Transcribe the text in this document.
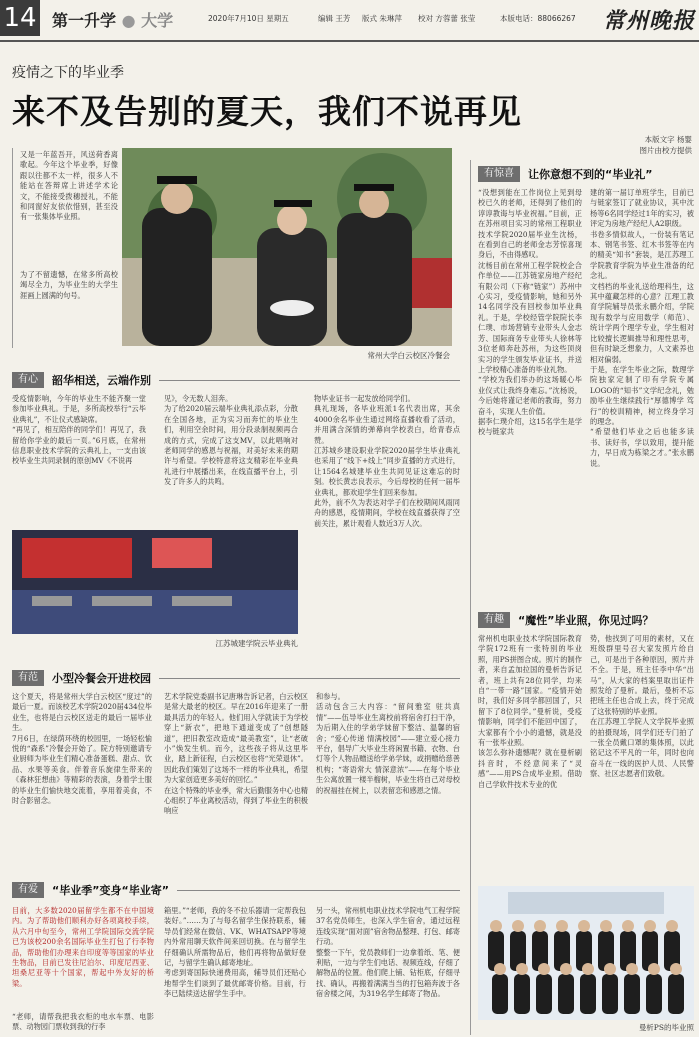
14 第一升学 ● 大学	2020年7月10日 星期五	编辑 王芳 版式 朱琳萍 校对 方蓉蕾 张莹	本版电话：88066267 常州晚报
疫情之下的毕业季
来不及告别的夏天，我们不说再见
本版文字 杨婴
图片由校方提供
又是一年蓝吾开，风送荷香离歌起。今年这个毕业季，好像跟以往都不太一样，很多人不能站在答辩席上讲述学术论文，不能接受拨穗授礼，不能和同窗好友依依惜别，甚至没有一张集体毕业照。
为了不留遗憾，在常多所高校竭尽全力，为毕业生的大学生涯画上圆满的句号。
常州大学白云校区冷餐会
有心	韶华相送，云端作别
受疫情影响，今年的毕业生不能齐聚一堂参加毕业典礼。于是，多所高校举行“云毕业典礼”，不让仪式感缺席。
“再见了，相互陪伴的同学们！再见了，我留给你学业的最后一页。”6月底，在常州信息职业技术学院的云典礼上，一支由该校毕业生共同录制的原创MV《不说再
见》，令无数人泪奔。
为了给2020届云端毕业典礼添点彩，分散在全国各地，正为实习而奔忙的毕业生们，利用空余时间，用分段录制视频再合成的方式，完成了这支MV，以此唱响对老师同学的感恩与祝福，对美好未来的期许与希望。学校特意将这支精彩在毕业典礼进行中展播出来，在线直播平台上，引发了许多人的共鸣。
物毕业证书一起发放给同学们。
典礼现场，各毕业班派1名代表出席，其余4000余名毕业生通过网络直播收看了活动，并用满含深情的弹幕向学校表白，给青春点赞。
江苏城乡建设职业学院2020届学生毕业典礼也采用了“线下+线上”同步直播的方式进行，让1564名城建毕业生共同见证这难忘的时刻。校长黄志良表示，今后母校的任何一届毕业典礼，都欢迎学生们回来参加。
此外，前不久为表达对学子们在校期间风雨同舟的感恩，疫情期间，学校在线直播获得了空前关注，累计观看人数近3万人次。
江苏城建学院云毕业典礼
有范	小型冷餐会开进校园
这个夏天，将是常州大学白云校区“度过”的最后一夏。而该校艺术学院2020届434位毕业生，也将是白云校区送走的最后一届毕业生。
7月6日，在绿荫环绕的校园里，一场轻松愉悦的“森系”冷餐会开始了。院方特别邀请专业厨师为毕业生们精心准备蛋糕、甜点、饮品、水果等美食。伴着音乐旋律生带来的《森林狂想曲》等精彩的表演，身着学士服的毕业生们愉快地交流着，享用着美食，不时合影留念。
艺术学院党委副书记唐琳告诉记者，白云校区是常大最老的校区。早在2016年迎来了一册最具活力的年轻人。他们用入学就读于为学校穿上“新衣”，把地下通道变成了“创想隧道”，把旧教室改造成“最美教室”，让“老破小”焕发生机。而今，这些孩子将从这里毕业，踏上新征程，白云校区也将“光荣退休”。因此我们策划了这场不一样的毕业典礼，希望为大家创造更多美好的回忆。”
在这个特殊的毕业季，常大后勤服务中心也精心组织了毕业离校活动，得到了毕业生的积极响应
和参与。
活动包含三大内容：“留间雅室 驻共真情”——伍导毕业生离校前将宿舍打扫干净，为后期入住的学弟学妹留下整洁、温馨的宿舍；“爱心传递 情满校园”——建立爱心接力平台，倡导广大毕业生将闲置书籍、衣物、台灯等个人物品赠送给学弟学妹，或捐赠给慈善机构；“寄语常大 情深意浓”——在每个毕业生公寓放置一楼半榴树，毕业生将自己对母校的祝福挂在树上，以表留恋和感恩之情。
有爱	“毕业季”变身“毕业寄”
目前，大多数2020届留学生都不在中国境内。为了帮助他们顺利办好各项离校手续，从六月中旬至今，常州工学院国际交流学院已为该校200余名国际毕业生打包了行李物品，帮助他们办理来自印度等等国家的毕业生物品，目前已发往尼泊尔、印度尼西亚、坦桑尼亚等十个国家，帮起中外友好的桥梁。
“老师，请帮我把我衣柜的电水车票、电影票、动物园门票收到我的行李
箱里。”“老师，我的冬不拉乐器请一定帮我包装好。”……为了与每名留学生保持联系，辅导员们经常在微信、VK、WHATSAPP等境内外常用聊天软件间来回切换。在与留学生仔细确认所需物品后，他们再将物品做好登记，与留学生确认邮寄地址。
考虑到寄国际快递费用高，辅导员们还贴心地帮学生们谈到了最优邮寄价格。目前，行李已陆续送达留学生手中。
另一头，常州机电职业技术学院电气工程学院37名党员师生，也深入学生宿舍，通过远程连线实现“面对面”宿舍物品整理、打包、邮寄行动。
整整一下午，党员教师们一边拿着纸、笔、便利贴，一边与学生们电话、视频连线，仔细了解物品的位置。他们爬上铺、钻柜底，仔细寻找、确认，再搬着满满当当的打包箱奔波于各宿舍楼之间，为319名学生邮寄了物品。
有惊喜	让你意想不到的“毕业礼”
“没想到能在工作岗位上见到母校已久的老师，还得到了他们的谆谆教诲与毕业祝福。”目前，正在苏州项目实习的常州工程职业技术学院2020届毕业生沈杨，在看到自己的老师金志芳惊喜现身后，不由得感叹。
沈杨目前在常州工程学院校企合作单位——江苏链家房地产经纪有限公司（下称“链家”）苏州中心实习，受疫情影响，她和另外14名同学没有回校参加毕业典礼。于是，学校经管学院院长李仁璞、市场营销专业带头人金志芳、国际商务专业带头人徐林等3位老师奔赴苏州，为这些顶岗实习的学生颁发毕业证书，并送上学校精心准备的毕业礼物。
“学校为我们举办的这场暖心毕业仪式让我终身难忘。”沈杨说，今后她将谨记老师的教诲，努力奋斗，实现人生价值。
据李仁璞介绍，这15名学生是学校与链家共
建的第一届订单班学生，目前已与链家签订了就业协议，其中沈杨等6名同学经过1年的实习，被评定为房地产经纪人A2职级。
书卷多情似故人，一份装有笔记本、钢笔书签、红木书签等在内的精美“知书”套装，是江苏理工学院教育学院为毕业生准备的纪念礼。
文档档的毕业礼送给理科生，这其中蕴藏怎样的心意？江理工教育学院辅导员张永鹏介绍，学院现有数学与应用数学（师范）、统计学两个理学专业，学生相对比较擅长逻辑推导和理性思考，但有时缺乏想象力，人文素养也相对偏弱。
于是，在学生毕业之际，数理学院独家定制了印有学院专属LOGO的“知书”文学纪念礼，勉励毕业生继续践行“厚德博学 笃行”的校训精神，树立终身学习的理念。
“希望他们毕业之后也能多读书、读好书，学以致用，提升能力，早日成为栋梁之才。”张永鹏说。
有趣	“魔性”毕业照，你见过吗？
常州机电职业技术学院国际教育学院172班有一张特别的毕业照，用PS拼图合成。照片的制作者，来自孟加拉国的曼析告诉记者，班上共有28位同学，均来自“一带一路”国家。“疫情开始时，我们好多同学都回国了，只留下了8位同学。”曼析说，受疫情影响，同学们不能回中国了，大家都有个小小的遗憾，就是没有一张毕业照。
该怎么弥补遗憾呢？就在曼析刷抖音时，不经意间来了“灵感”——用PS合成毕业照。借助自己学软件技术专业的优
势，他找到了可用的素材，又在班级群里号召大家发照片给自己，可是出于各种原因，照片并不全。于是，班主任李中华“出马”，从大家的档案里取出证件照发给了曼析。最后，曼析不忘把班主任也合成上去，终于完成了这张特别的毕业照。
在江苏理工学院人文学院毕业照的拍摄现场，同学们还专门拍了一张全员戴口罩的集体照，以此铭记这不平凡的一年，同时也向奋斗在一线的医护人员、人民警察、社区志愿者们致敬。
曼析PS的毕业照
